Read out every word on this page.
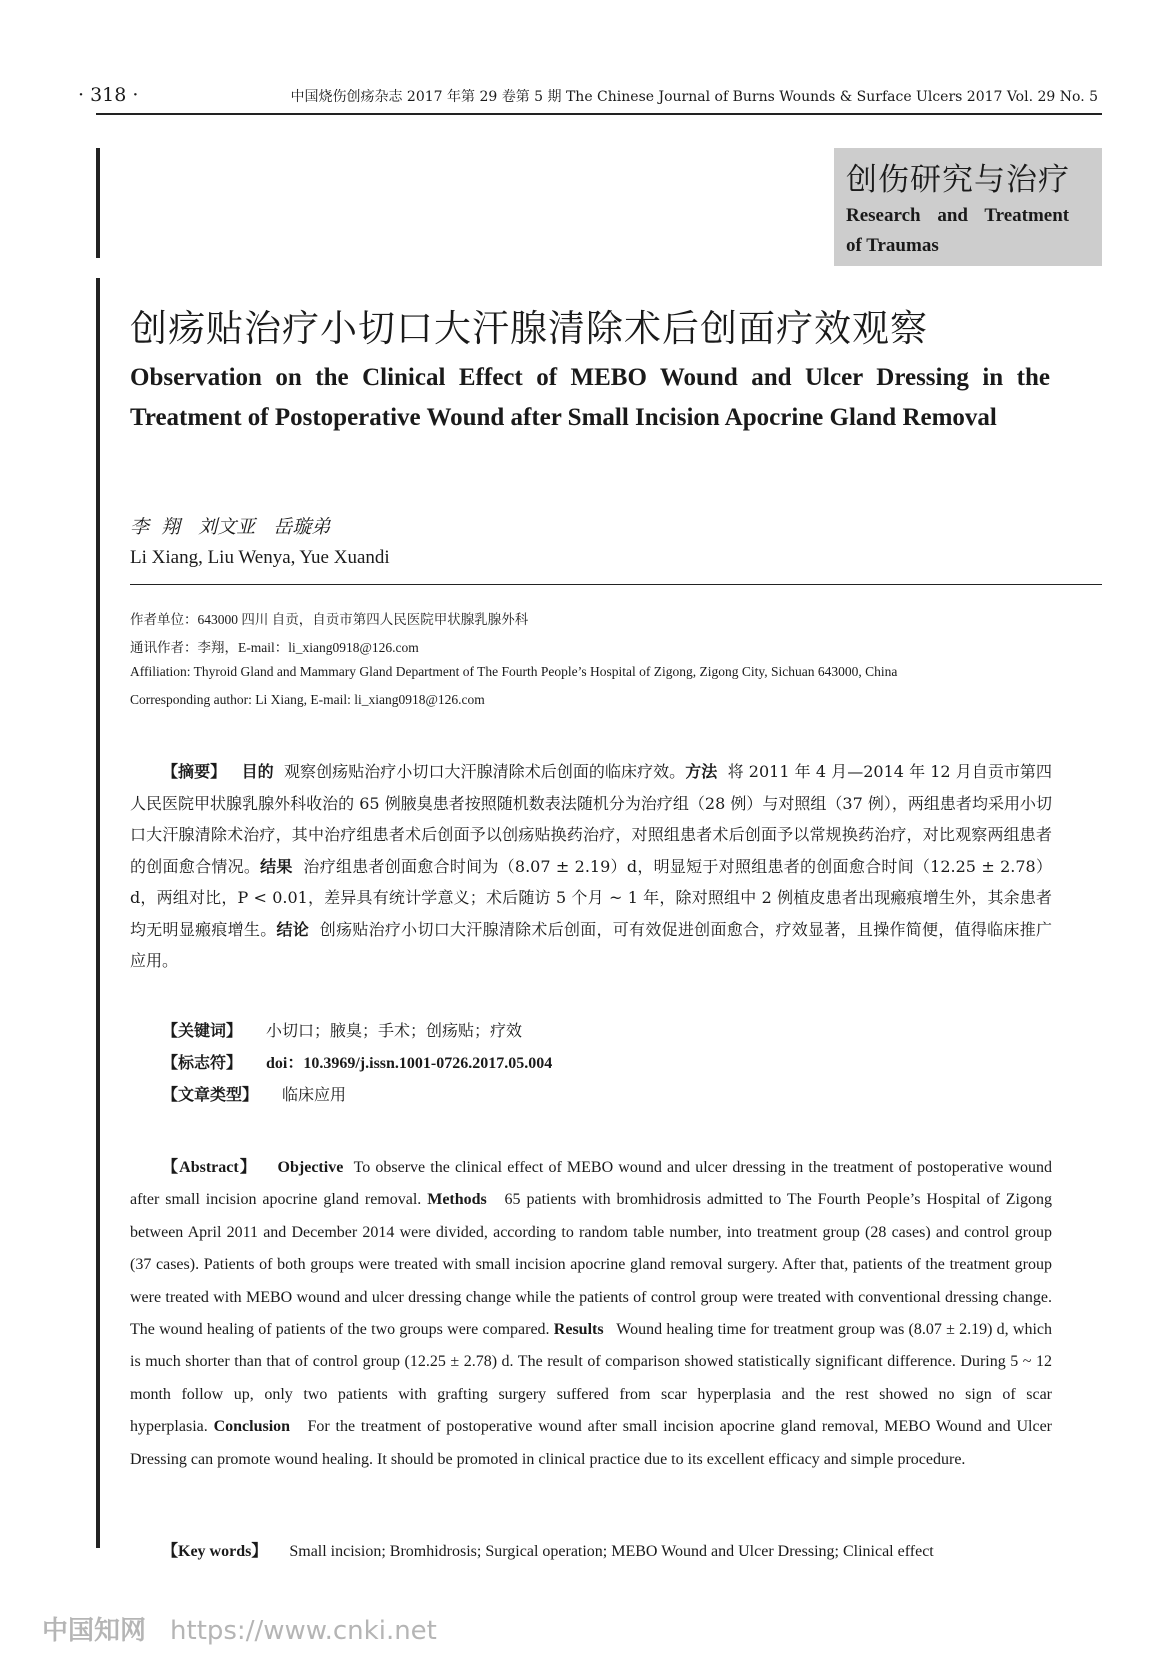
· 318 ·	中国烧伤创疡杂志 2017 年第 29 卷第 5 期 The Chinese Journal of Burns Wounds & Surface Ulcers 2017 Vol. 29 No. 5
创伤研究与治疗
Research and Treatment
of Traumas
创疡贴治疗小切口大汗腺清除术后创面疗效观察
Observation on the Clinical Effect of MEBO Wound and Ulcer Dressing in the Treatment of Postoperative Wound after Small Incision Apocrine Gland Removal
李  翔   刘文亚   岳璇弟
Li Xiang, Liu Wenya, Yue Xuandi
作者单位：643000 四川 自贡，自贡市第四人民医院甲状腺乳腺外科
通讯作者：李翔，E-mail：li_xiang0918@126.com
Affiliation: Thyroid Gland and Mammary Gland Department of The Fourth People’s Hospital of Zigong, Zigong City, Sichuan 643000, China
Corresponding author: Li Xiang, E-mail: li_xiang0918@126.com
【摘要】 目的 观察创疡贴治疗小切口大汗腺清除术后创面的临床疗效。方法 将 2011 年 4 月—2014 年 12 月自贡市第四人民医院甲状腺乳腺外科收治的 65 例腋臭患者按照随机数表法随机分为治疗组（28 例）与对照组（37 例），两组患者均采用小切口大汗腺清除术治疗，其中治疗组患者术后创面予以创疡贴换药治疗，对照组患者术后创面予以常规换药治疗，对比观察两组患者的创面愈合情况。结果 治疗组患者创面愈合时间为（8.07 ± 2.19）d，明显短于对照组患者的创面愈合时间（12.25 ± 2.78）d，两组对比，P < 0.01，差异具有统计学意义；术后随访 5 个月 ~ 1 年，除对照组中 2 例植皮患者出现瘢痕增生外，其余患者均无明显瘢痕增生。结论 创疡贴治疗小切口大汗腺清除术后创面，可有效促进创面愈合，疗效显著，且操作简便，值得临床推广应用。
【关键词】 小切口；腋臭；手术；创疡贴；疗效
【标志符】 doi：10.3969/j.issn.1001-0726.2017.05.004
【文章类型】 临床应用
【Abstract】 Objective To observe the clinical effect of MEBO wound and ulcer dressing in the treatment of postoperative wound after small incision apocrine gland removal. Methods 65 patients with bromhidrosis admitted to The Fourth People’s Hospital of Zigong between April 2011 and December 2014 were divided, according to random table number, into treatment group (28 cases) and control group (37 cases). Patients of both groups were treated with small incision apocrine gland removal surgery. After that, patients of the treatment group were treated with MEBO wound and ulcer dressing change while the patients of control group were treated with conventional dressing change. The wound healing of patients of the two groups were compared. Results Wound healing time for treatment group was (8.07 ± 2.19) d, which is much shorter than that of control group (12.25 ± 2.78) d. The result of comparison showed statistically significant difference. During 5 ~ 12 month follow up, only two patients with grafting surgery suffered from scar hyperplasia and the rest showed no sign of scar hyperplasia. Conclusion For the treatment of postoperative wound after small incision apocrine gland removal, MEBO Wound and Ulcer Dressing can promote wound healing. It should be promoted in clinical practice due to its excellent efficacy and simple procedure.
【Key words】 Small incision; Bromhidrosis; Surgical operation; MEBO Wound and Ulcer Dressing; Clinical effect
中国知网 https://www.cnki.net
